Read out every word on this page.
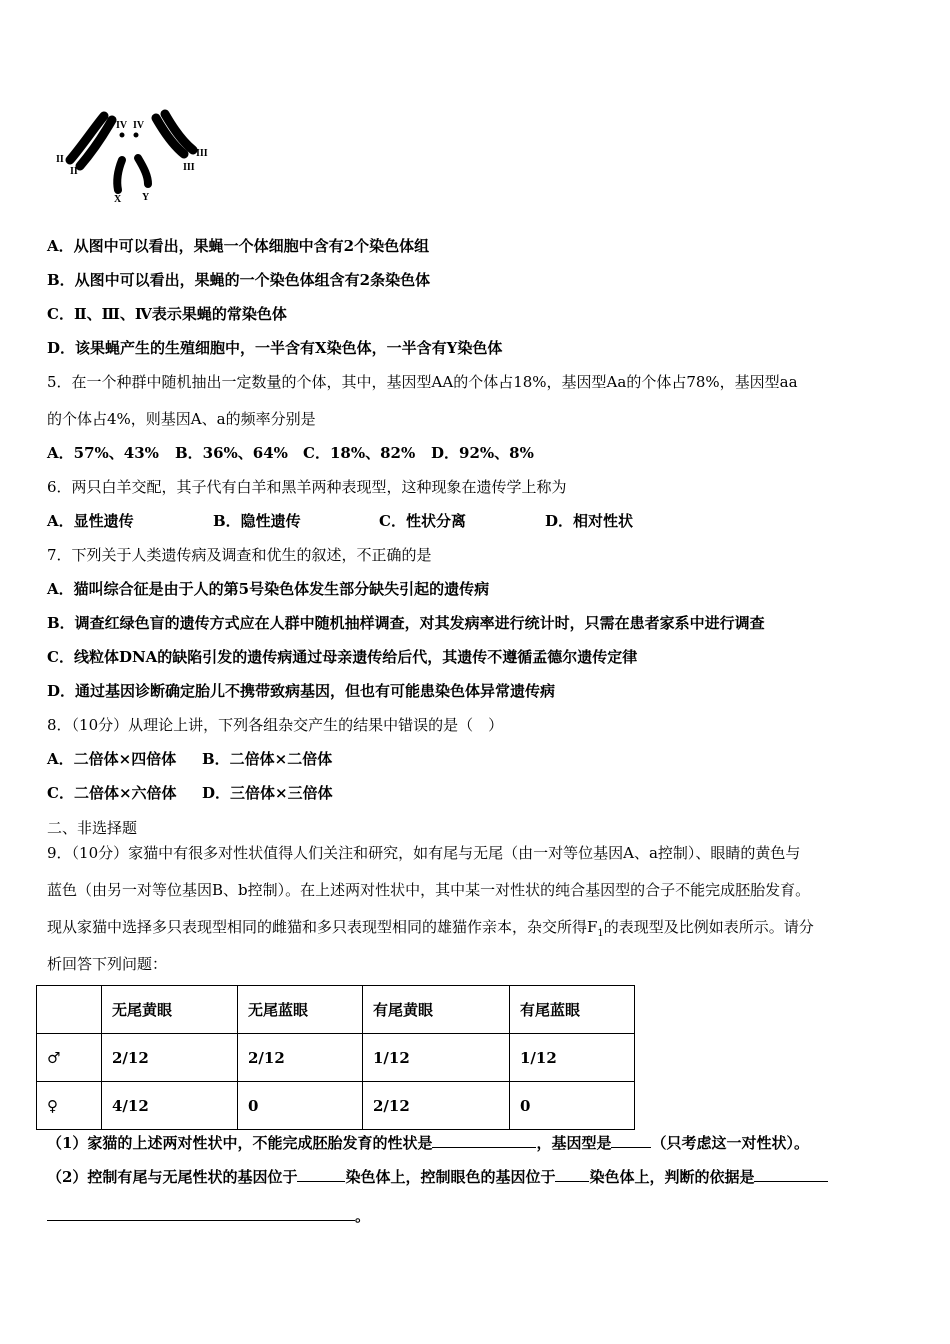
IV IV
II
II
III
III
X Y
A．从图中可以看出，果蝇一个体细胞中含有2个染色体组
B．从图中可以看出，果蝇的一个染色体组含有2条染色体
C．Ⅱ、Ⅲ、Ⅳ表示果蝇的常染色体
D．该果蝇产生的生殖细胞中，一半含有X染色体，一半含有Y染色体
5．在一个种群中随机抽出一定数量的个体，其中，基因型AA的个体占18%，基因型Aa的个体占78%，基因型aa
的个体占4%，则基因A、a的频率分别是
A．57%、43% B．36%、64% C．18%、82% D．92%、8%
6．两只白羊交配，其子代有白羊和黑羊两种表现型，这种现象在遗传学上称为
A．显性遗传	B．隐性遗传	C．性状分离	D．相对性状
7．下列关于人类遗传病及调查和优生的叙述，不正确的是
A．猫叫综合征是由于人的第5号染色体发生部分缺失引起的遗传病
B．调查红绿色盲的遗传方式应在人群中随机抽样调查，对其发病率进行统计时，只需在患者家系中进行调查
C．线粒体DNA的缺陷引发的遗传病通过母亲遗传给后代，其遗传不遵循孟德尔遗传定律
D．通过基因诊断确定胎儿不携带致病基因，但也有可能患染色体异常遗传病
8．（10分）从理论上讲，下列各组杂交产生的结果中错误的是（　）
A．二倍体×四倍体 B．二倍体×二倍体
C．二倍体×六倍体 D．三倍体×三倍体
二、非选择题
9．（10分）家猫中有很多对性状值得人们关注和研究，如有尾与无尾（由一对等位基因A、a控制）、眼睛的黄色与
蓝色（由另一对等位基因B、b控制）。在上述两对性状中，其中某一对性状的纯合基因型的合子不能完成胚胎发育。
现从家猫中选择多只表现型相同的雌猫和多只表现型相同的雄猫作亲本，杂交所得$F_1$的表现型及比例如表所示。请分
析回答下列问题：
	无尾黄眼	无尾蓝眼	有尾黄眼	有尾蓝眼
♂	2/12	2/12	1/12	1/12
♀	4/12	0	2/12	0
（1）家猫的上述两对性状中，不能完成胚胎发育的性状是	，基因型是	（只考虑这一对性状）。
（2）控制有尾与无尾性状的基因位于	染色体上，控制眼色的基因位于 染色体上，判断的依据是
。
